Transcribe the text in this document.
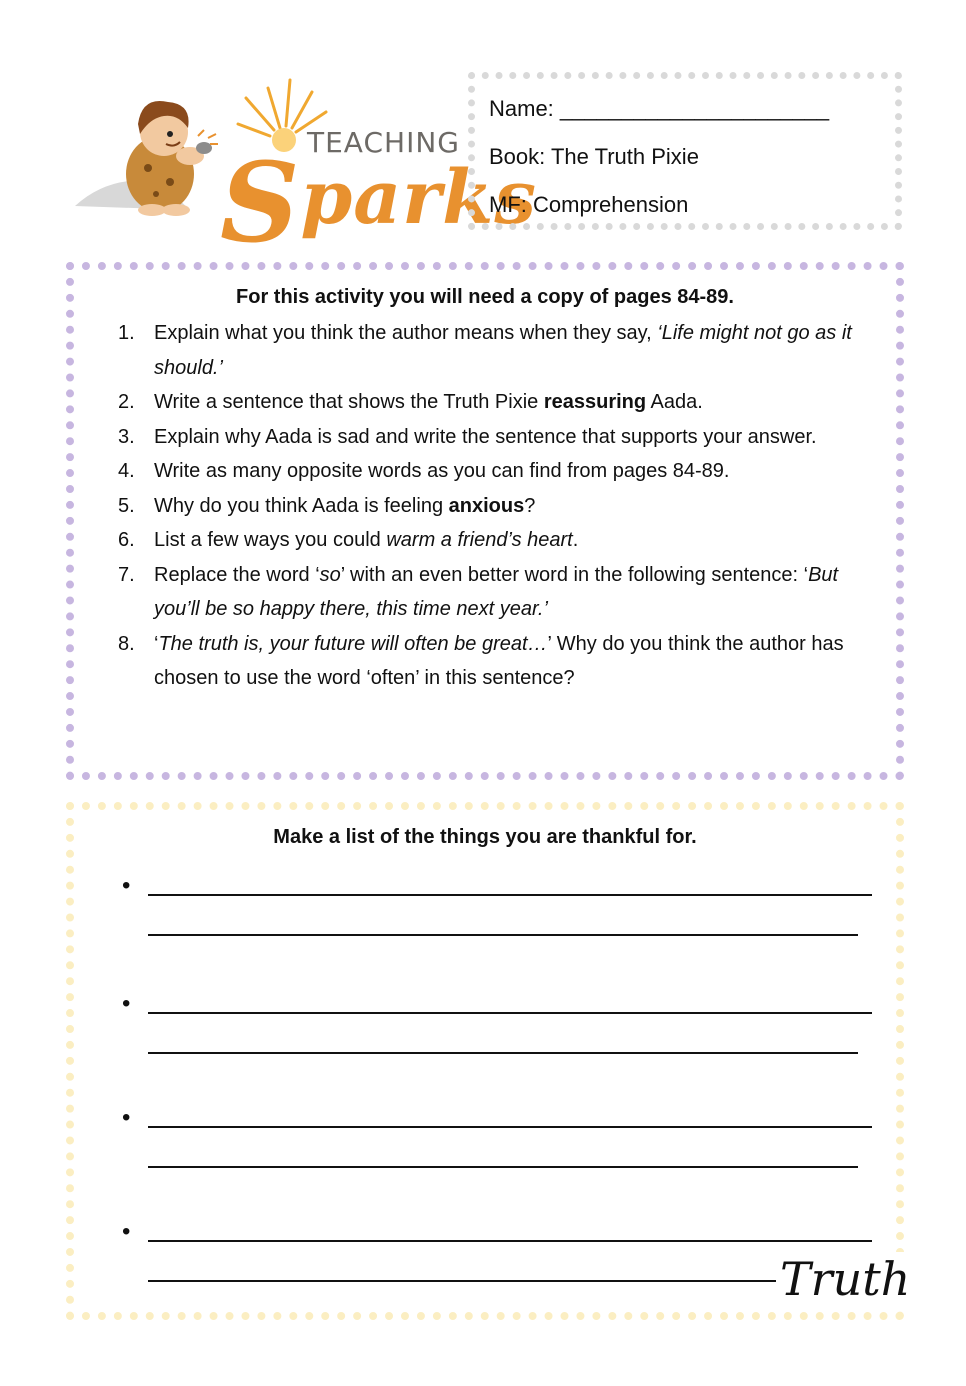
TEACHING
Sparks
Name: ______________________
Book: The Truth Pixie
MF: Comprehension
For this activity you will need a copy of pages 84-89.
1. Explain what you think the author means when they say, ‘Life might not go as it should.’
2. Write a sentence that shows the Truth Pixie reassuring Aada.
3. Explain why Aada is sad and write the sentence that supports your answer.
4. Write as many opposite words as you can find from pages 84-89.
5. Why do you think Aada is feeling anxious?
6. List a few ways you could warm a friend’s heart.
7. Replace the word ‘so’ with an even better word in the following sentence: ‘But you’ll be so happy there, this time next year.’
8. ‘The truth is, your future will often be great…’ Why do you think the author has chosen to use the word ‘often’ in this sentence?
Make a list of the things you are thankful for.
•
•
•
•
Truth
